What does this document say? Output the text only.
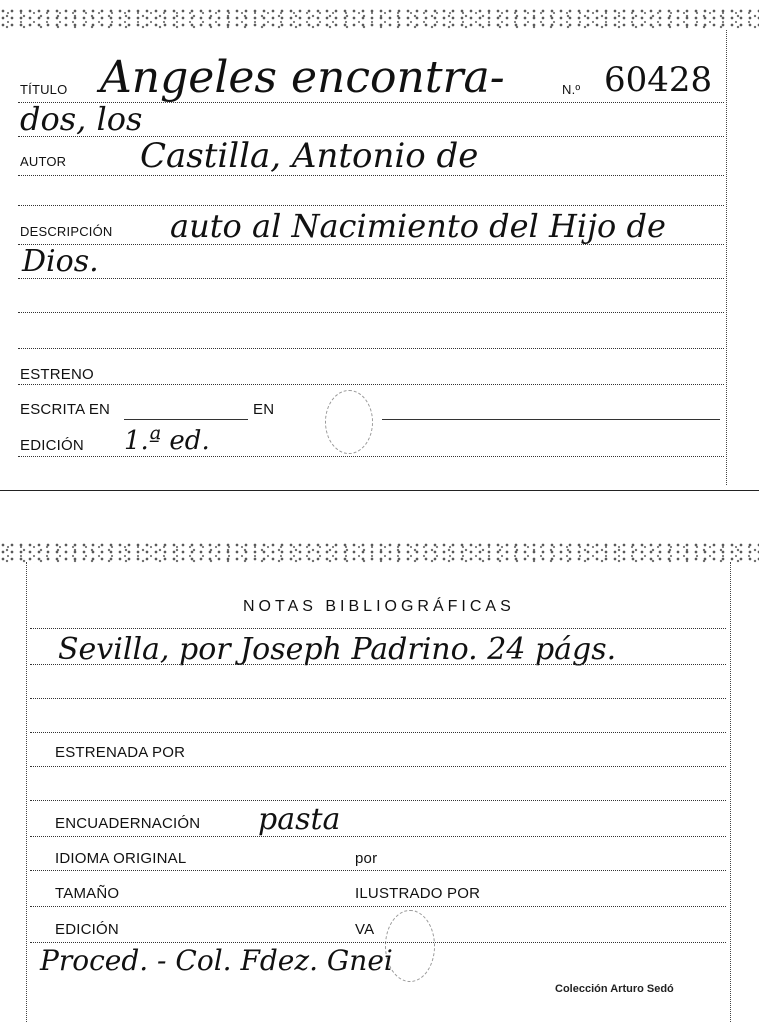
TÍTULO Angeles encontra-	N.º 60428
dos, los
AUTOR Castilla, Antonio de
DESCRIPCIÓN auto al Nacimiento del Hijo de
Dios.
ESTRENO
ESCRITA EN	EN
EDICIÓN 1.ª ed.
NOTAS BIBLIOGRÁFICAS
Sevilla, por Joseph Padrino. 24 págs.
ESTRENADA POR
ENCUADERNACIÓN pasta
IDIOMA ORIGINAL	por
TAMAÑO	ILUSTRADO POR
EDICIÓN	VA
Proced. - Col. Fdez. Gnei
Colección Arturo Sedó
